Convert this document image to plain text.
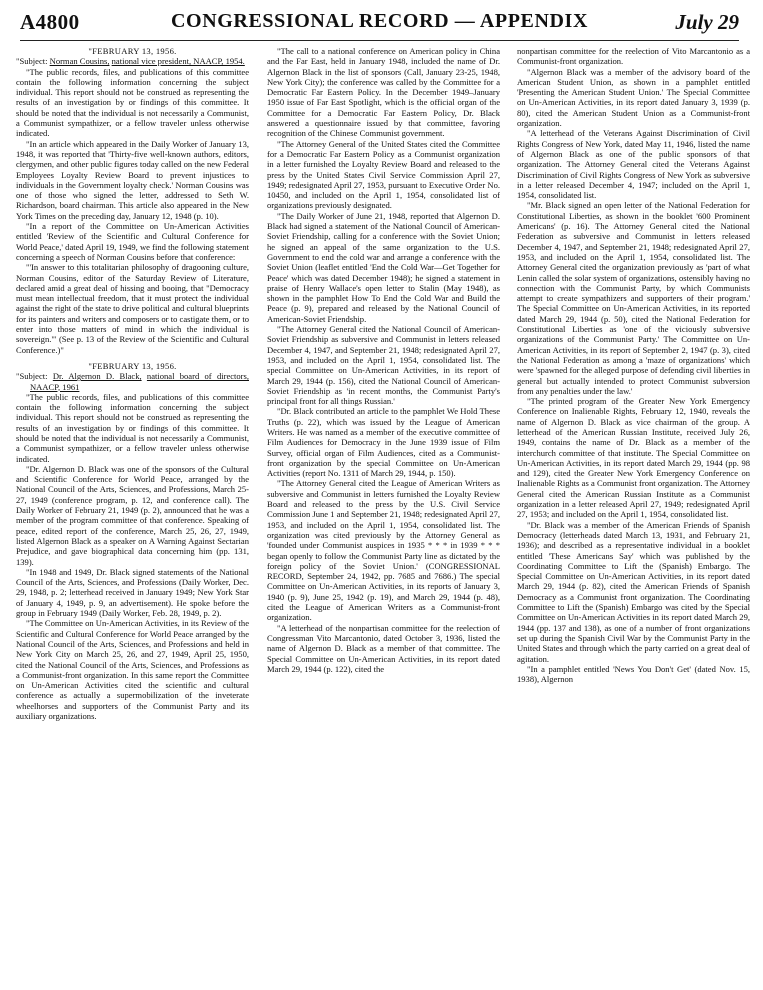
A4800	CONGRESSIONAL RECORD — APPENDIX	July 29

"FEBRUARY 13, 1956.

"Subject: Norman Cousins, national vice president, NAACP, 1954.

"The public records, files, and publications of this committee contain the following information concerning the subject individual. This report should not be construed as representing the results of an investigation by or findings of this committee. It should be noted that the individual is not necessarily a Communist, a Communist sympathizer, or a fellow traveler unless otherwise indicated.

"In an article which appeared in the Daily Worker of January 13, 1948, it was reported that 'Thirty-five well-known authors, editors, clergymen, and other public figures today called on the new Federal Employees Loyalty Review Board to prevent injustices to individuals in the Government loyalty check.' Norman Cousins was one of those who signed the letter, addressed to Seth W. Richardson, board chairman. This article also appeared in the New York Times on the preceding day, January 12, 1948 (p. 10).

"In a report of the Committee on Un-American Activities entitled 'Review of the Scientific and Cultural Conference for World Peace,' dated April 19, 1949, we find the following statement concerning a speech of Norman Cousins before that conference:

"'In answer to this totalitarian philosophy of dragooning culture, Norman Cousins, editor of the Saturday Review of Literature, declared amid a great deal of hissing and booing, that "Democracy must mean intellectual freedom, that it must protect the individual against the right of the state to drive political and cultural blueprints for its painters and writers and composers or to castigate them, or to enter into those matters of mind in which the individual is sovereign."' (See p. 13 of the Review of the Scientific and Cultural Conference.)"

"FEBRUARY 13, 1956.

"Subject: Dr. Algernon D. Black, national board of directors, NAACP, 1961

"The public records, files, and publications of this committee contain the following information concerning the subject individual. This report should not be construed as representing the results of an investigation by or findings of this committee. It should be noted that the individual is not necessarily a Communist, a Communist sympathizer, or a fellow traveler unless otherwise indicated.

"Dr. Algernon D. Black was one of the sponsors of the Cultural and Scientific Conference for World Peace, arranged by the National Council of the Arts, Sciences, and Professions, March 25-27, 1949 (conference program, p. 12, and conference call). The Daily Worker of February 21, 1949 (p. 2), announced that he was a member of the program committee of that conference. Speaking of peace, edited report of the conference, March 25, 26, 27, 1949, listed Algernon Black as a speaker on A Warning Against Sectarian Prejudice, and gave biographical data concerning him (pp. 131, 139).

"In 1948 and 1949, Dr. Black signed statements of the National Council of the Arts, Sciences, and Professions (Daily Worker, Dec. 29, 1948, p. 2; letterhead received in January 1949; New York Star of January 4, 1949, p. 9, an advertisement). He spoke before the group in February 1949 (Daily Worker, Feb. 28, 1949, p. 2).

"The Committee on Un-American Activities, in its Review of the Scientific and Cultural Conference for World Peace arranged by the National Council of the Arts, Sciences, and Professions and held in New York City on March 25, 26, and 27, 1949, April 25, 1950, cited the National Council of the Arts, Sciences, and Professions as a Communist-front organization. In this same report the Committee on Un-American Activities cited the scientific and cultural conference as actually a supermobilization of the inveterate wheelhorses and supporters of the Communist Party and its auxiliary organizations.

"The call to a national conference on American policy in China and the Far East, held in January 1948, included the name of Dr. Algernon Black in the list of sponsors (Call, January 23-25, 1948, New York City); the conference was called by the Committee for a Democratic Far Eastern Policy. In the December 1949–January 1950 issue of Far East Spotlight, which is the official organ of the Committee for a Democratic Far Eastern Policy, Dr. Black answered a questionnaire issued by that committee, favoring recognition of the Chinese Communist government.

"The Attorney General of the United States cited the Committee for a Democratic Far Eastern Policy as a Communist organization in a letter furnished the Loyalty Review Board and released to the press by the United States Civil Service Commission April 27, 1949; redesignated April 27, 1953, pursuant to Executive Order No. 10450, and included on the April 1, 1954, consolidated list of organizations previously designated.

"The Daily Worker of June 21, 1948, reported that Algernon D. Black had signed a statement of the National Council of American-Soviet Friendship, calling for a conference with the Soviet Union; he signed an appeal of the same organization to the U.S. Government to end the cold war and arrange a conference with the Soviet Union (leaflet entitled 'End the Cold War—Get Together for Peace' which was dated December 1948); he signed a statement in praise of Henry Wallace's open letter to Stalin (May 1948), as shown in the pamphlet How To End the Cold War and Build the Peace (p. 9), prepared and released by the National Council of American-Soviet Friendship.

"The Attorney General cited the National Council of American-Soviet Friendship as subversive and Communist in letters released December 4, 1947, and September 21, 1948; redesignated April 27, 1953, and included on the April 1, 1954, consolidated list. The special Committee on Un-American Activities, in its report of March 29, 1944 (p. 156), cited the National Council of American-Soviet Friendship as 'in recent months, the Communist Party's principal front for all things Russian.'

"Dr. Black contributed an article to the pamphlet We Hold These Truths (p. 22), which was issued by the League of American Writers. He was named as a member of the executive committee of Film Audiences for Democracy in the June 1939 issue of Film Survey, official organ of Film Audiences, cited as a Communist-front organization by the special Committee on Un-American Activities (report No. 1311 of March 29, 1944, p. 150).

"The Attorney General cited the League of American Writers as subversive and Communist in letters furnished the Loyalty Review Board and released to the press by the U.S. Civil Service Commission June 1 and September 21, 1948; redesignated April 27, 1953, and included on the April 1, 1954, consolidated list. The organization was cited previously by the Attorney General as 'founded under Communist auspices in 1935 * * * in 1939 * * * began openly to follow the Communist Party line as dictated by the foreign policy of the Soviet Union.' (CONGRESSIONAL RECORD, September 24, 1942, pp. 7685 and 7686.) The special Committee on Un-American Activities, in its reports of January 3, 1940 (p. 9), June 25, 1942 (p. 19), and March 29, 1944 (p. 48), cited the League of American Writers as a Communist-front organization.

"A letterhead of the nonpartisan committee for the reelection of Congressman Vito Marcantonio, dated October 3, 1936, listed the name of Algernon D. Black as a member of that committee. The Special Committee on Un-American Activities, in its report dated March 29, 1944 (p. 122), cited the

nonpartisan committee for the reelection of Vito Marcantonio as a Communist-front organization.

"Algernon Black was a member of the advisory board of the American Student Union, as shown in a pamphlet entitled 'Presenting the American Student Union.' The Special Committee on Un-American Activities, in its report dated January 3, 1939 (p. 80), cited the American Student Union as a Communist-front organization.

"A letterhead of the Veterans Against Discrimination of Civil Rights Congress of New York, dated May 11, 1946, listed the name of Algernon Black as one of the public sponsors of that organization. The Attorney General cited the Veterans Against Discrimination of Civil Rights Congress of New York as subversive in a letter released December 4, 1947; included on the April 1, 1954, consolidated list.

"Mr. Black signed an open letter of the National Federation for Constitutional Liberties, as shown in the booklet '600 Prominent Americans' (p. 16). The Attorney General cited the National Federation as subversive and Communist in letters released December 4, 1947, and September 21, 1948; redesignated April 27, 1953, and included on the April 1, 1954, consolidated list. The Attorney General cited the organization previously as 'part of what Lenin called the solar system of organizations, ostensibly having no connection with the Communist Party, by which Communists attempt to create sympathizers and supporters of their program.' The Special Committee on Un-American Activities, in its reported dated March 29, 1944 (p. 50), cited the National Federation for Constitutional Liberties as 'one of the viciously subversive organizations of the Communist Party.' The Committee on Un-American Activities, in its report of September 2, 1947 (p. 3), cited the National Federation as among a 'maze of organizations' which were 'spawned for the alleged purpose of defending civil liberties in general but actually intended to protect Communist subversion from any penalties under the law.'

"The printed program of the Greater New York Emergency Conference on Inalienable Rights, February 12, 1940, reveals the name of Algernon D. Black as vice chairman of the group. A letterhead of the American Russian Institute, received July 26, 1949, contains the name of Dr. Black as a member of the interchurch committee of that institute. The Special Committee on Un-American Activities, in its report dated March 29, 1944 (pp. 98 and 129), cited the Greater New York Emergency Conference on Inalienable Rights as a Communist front organization. The Attorney General cited the American Russian Institute as a Communist organization in a letter released April 27, 1949; redesignated April 27, 1953; and included on the April 1, 1954, consolidated list.

"Dr. Black was a member of the American Friends of Spanish Democracy (letterheads dated March 13, 1931, and February 21, 1936); and described as a representative individual in a booklet entitled 'These Americans Say' which was published by the Coordinating Committee to Lift the (Spanish) Embargo. The Special Committee on Un-American Activities, in its report dated March 29, 1944 (p. 82), cited the American Friends of Spanish Democracy as a Communist front organization. The Coordinating Committee to Lift the (Spanish) Embargo was cited by the Special Committee on Un-American Activities in its report dated March 29, 1944 (pp. 137 and 138), as one of a number of front organizations set up during the Spanish Civil War by the Communist Party in the United States and through which the party carried on a great deal of agitation.

"In a pamphlet entitled 'News You Don't Get' (dated Nov. 15, 1938), Algernon
